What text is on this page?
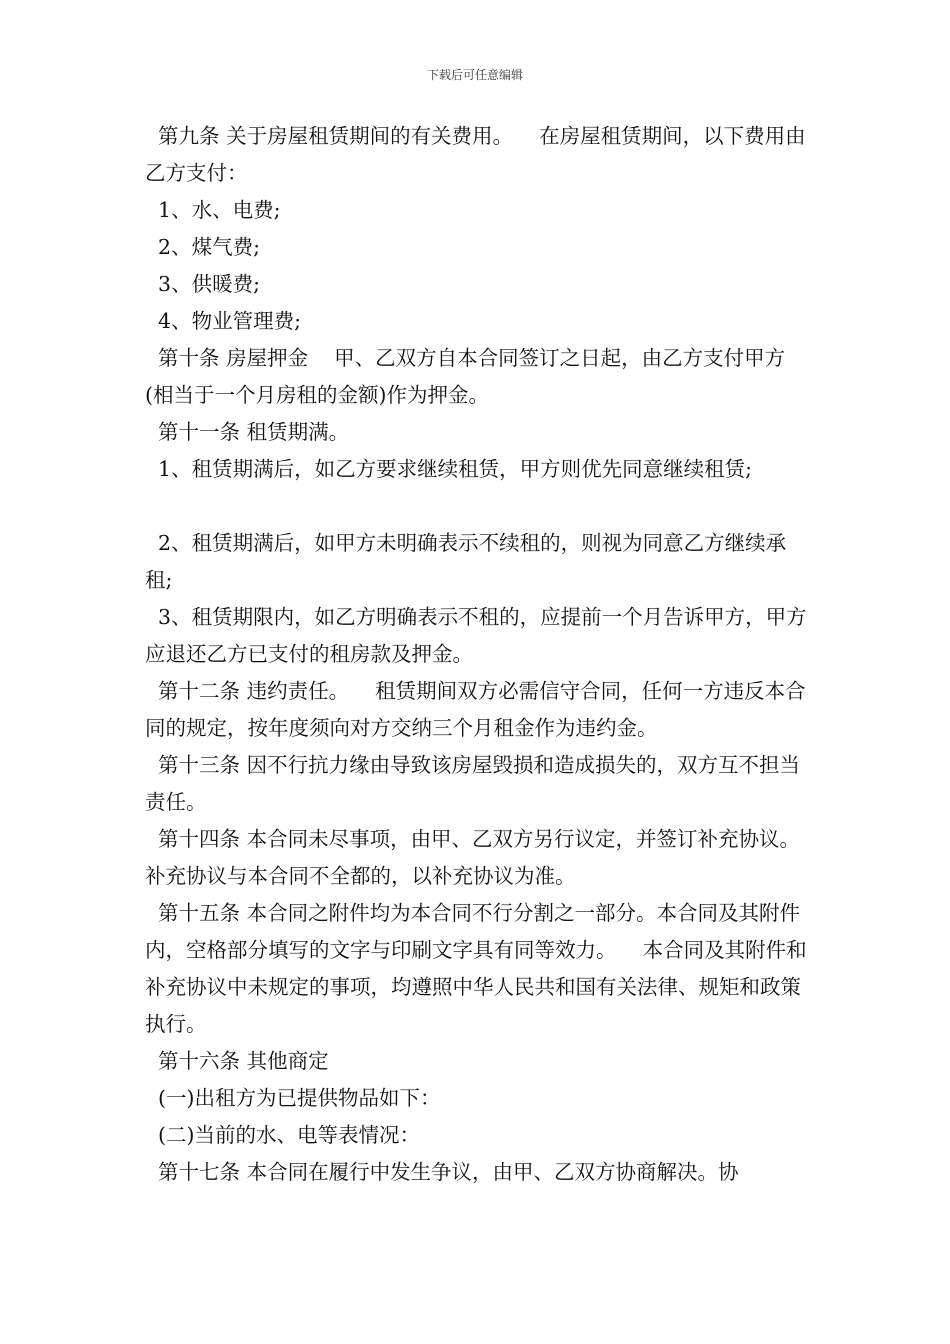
下载后可任意编辑

第九条 关于房屋租赁期间的有关费用。    在房屋租赁期间，以下费用由乙方支付：

1、水、电费;

2、煤气费;

3、供暖费;

4、物业管理费;

第十条 房屋押金    甲、乙双方自本合同签订之日起，由乙方支付甲方(相当于一个月房租的金额)作为押金。

第十一条 租赁期满。

1、租赁期满后，如乙方要求继续租赁，甲方则优先同意继续租赁;

2、租赁期满后，如甲方未明确表示不续租的，则视为同意乙方继续承租;

3、租赁期限内，如乙方明确表示不租的，应提前一个月告诉甲方，甲方应退还乙方已支付的租房款及押金。

第十二条 违约责任。    租赁期间双方必需信守合同，任何一方违反本合同的规定，按年度须向对方交纳三个月租金作为违约金。

第十三条 因不行抗力缘由导致该房屋毁损和造成损失的，双方互不担当责任。

第十四条 本合同未尽事项，由甲、乙双方另行议定，并签订补充协议。补充协议与本合同不全都的，以补充协议为准。

第十五条 本合同之附件均为本合同不行分割之一部分。本合同及其附件内，空格部分填写的文字与印刷文字具有同等效力。    本合同及其附件和补充协议中未规定的事项，均遵照中华人民共和国有关法律、规矩和政策执行。

第十六条 其他商定

(一)出租方为已提供物品如下：

(二)当前的水、电等表情况：

第十七条 本合同在履行中发生争议，由甲、乙双方协商解决。协
